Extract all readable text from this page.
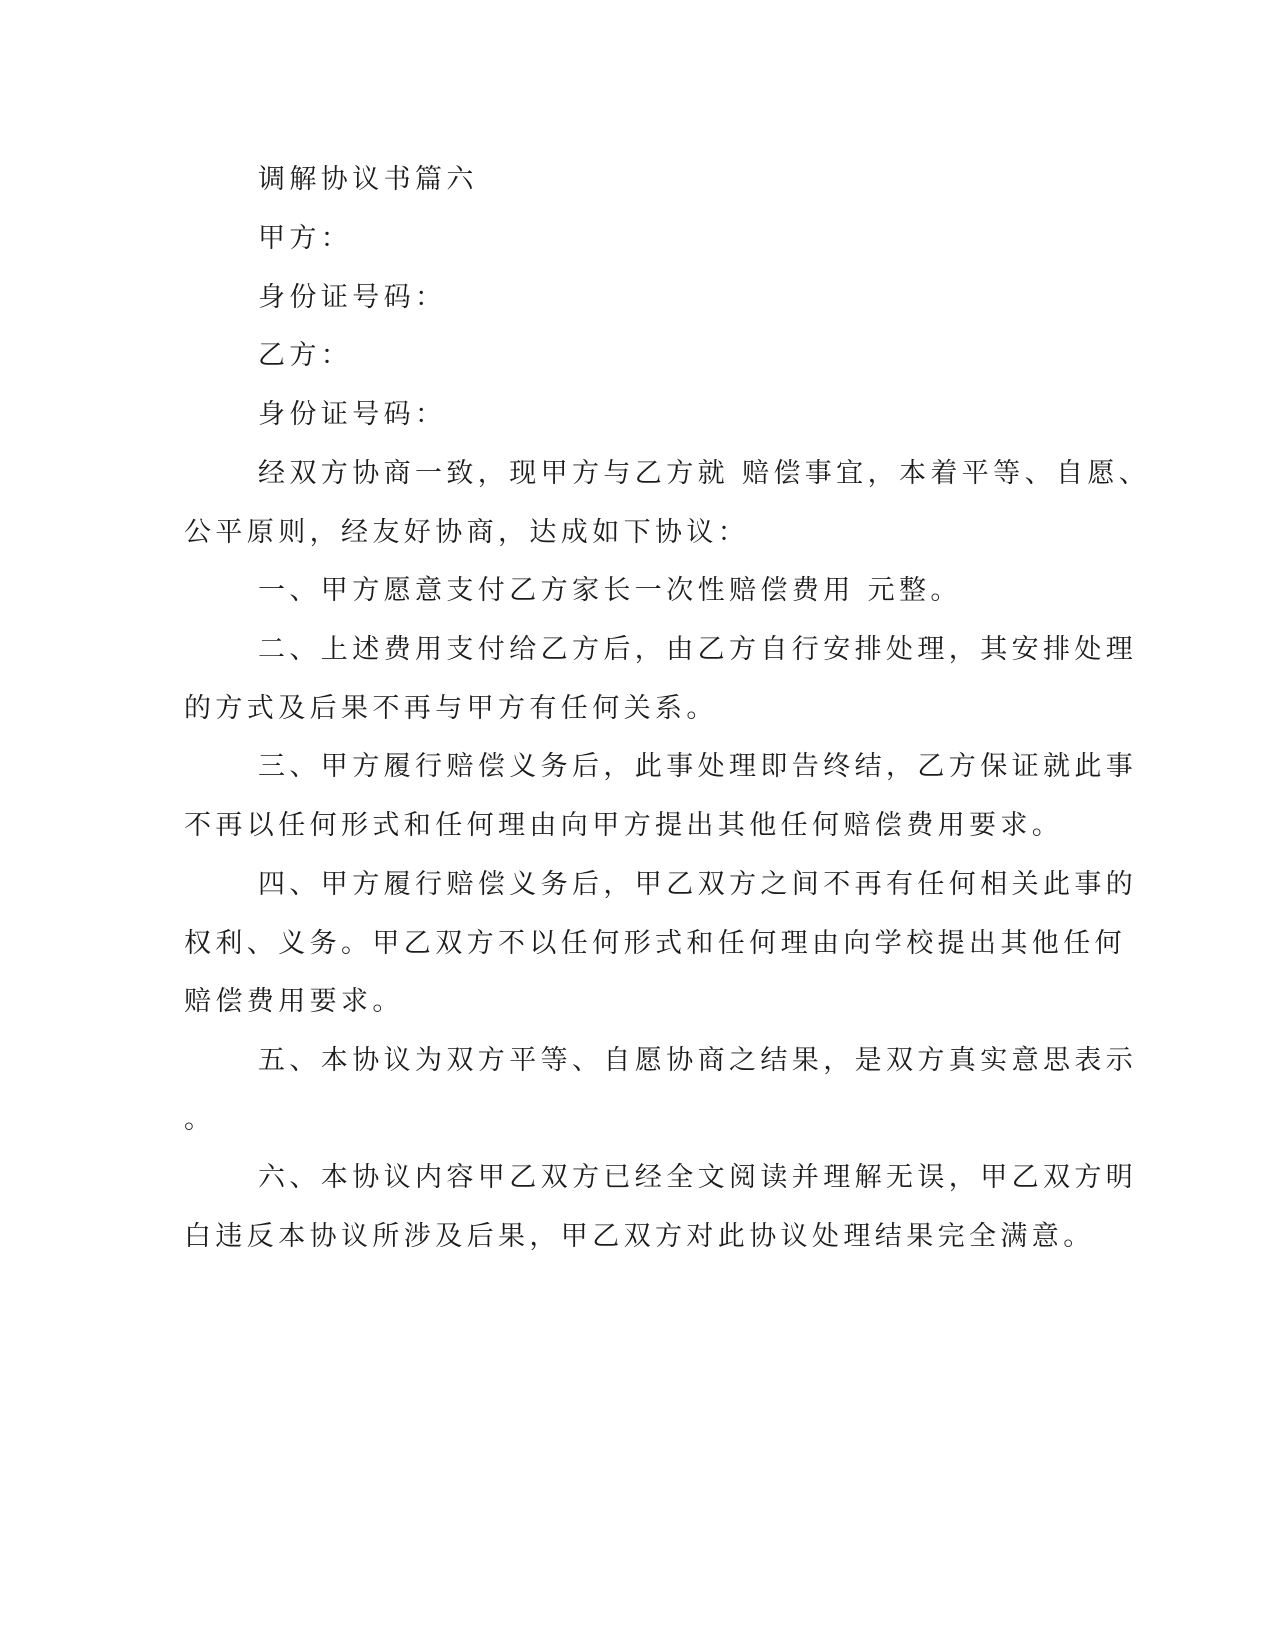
调解协议书篇六
甲方：
身份证号码：
乙方：
身份证号码：
经双方协商一致，现甲方与乙方就 赔偿事宜，本着平等、自愿、
公平原则，经友好协商，达成如下协议：
一、甲方愿意支付乙方家长一次性赔偿费用 元整。
二、上述费用支付给乙方后，由乙方自行安排处理，其安排处理
的方式及后果不再与甲方有任何关系。
三、甲方履行赔偿义务后，此事处理即告终结，乙方保证就此事
不再以任何形式和任何理由向甲方提出其他任何赔偿费用要求。
四、甲方履行赔偿义务后，甲乙双方之间不再有任何相关此事的
权利、义务。甲乙双方不以任何形式和任何理由向学校提出其他任何
赔偿费用要求。
五、本协议为双方平等、自愿协商之结果，是双方真实意思表示
。
六、本协议内容甲乙双方已经全文阅读并理解无误，甲乙双方明
白违反本协议所涉及后果，甲乙双方对此协议处理结果完全满意。
